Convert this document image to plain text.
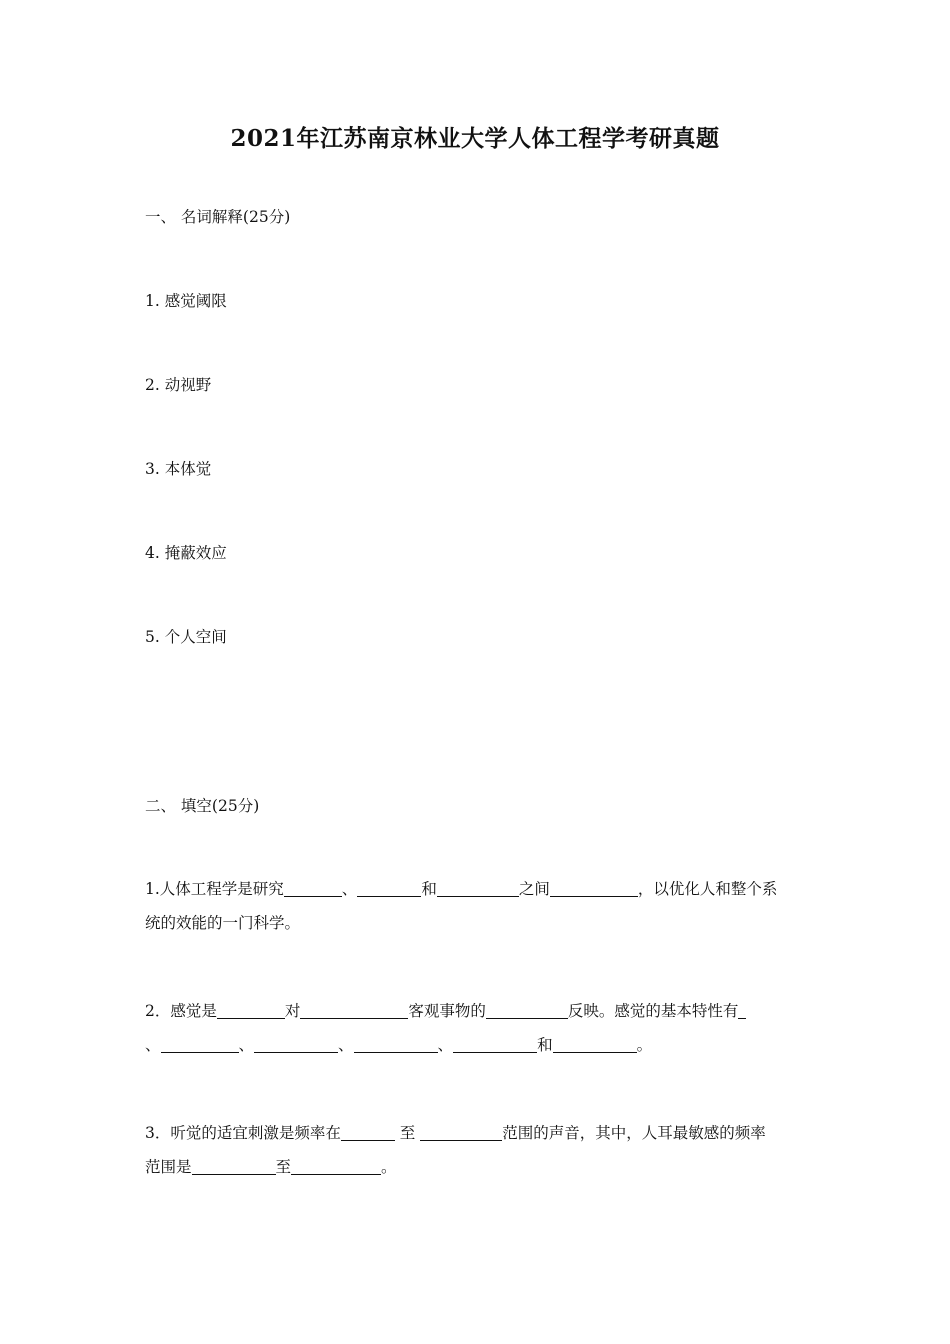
2021年江苏南京林业大学人体工程学考研真题
一、 名词解释(25分)
1. 感觉阈限
2. 动视野
3. 本体觉
4. 掩蔽效应
5. 个人空间
二、 填空(25分)
1.人体工程学是研究	、	和	之间	，以优化人和整个系
统的效能的一门科学。
2．感觉是	对	客观事物的	反映。感觉的基本特性有
、	、	、	、	和	。
3．听觉的适宜刺激是频率在	至	范围的声音，其中，人耳最敏感的频率
范围是	至	。
